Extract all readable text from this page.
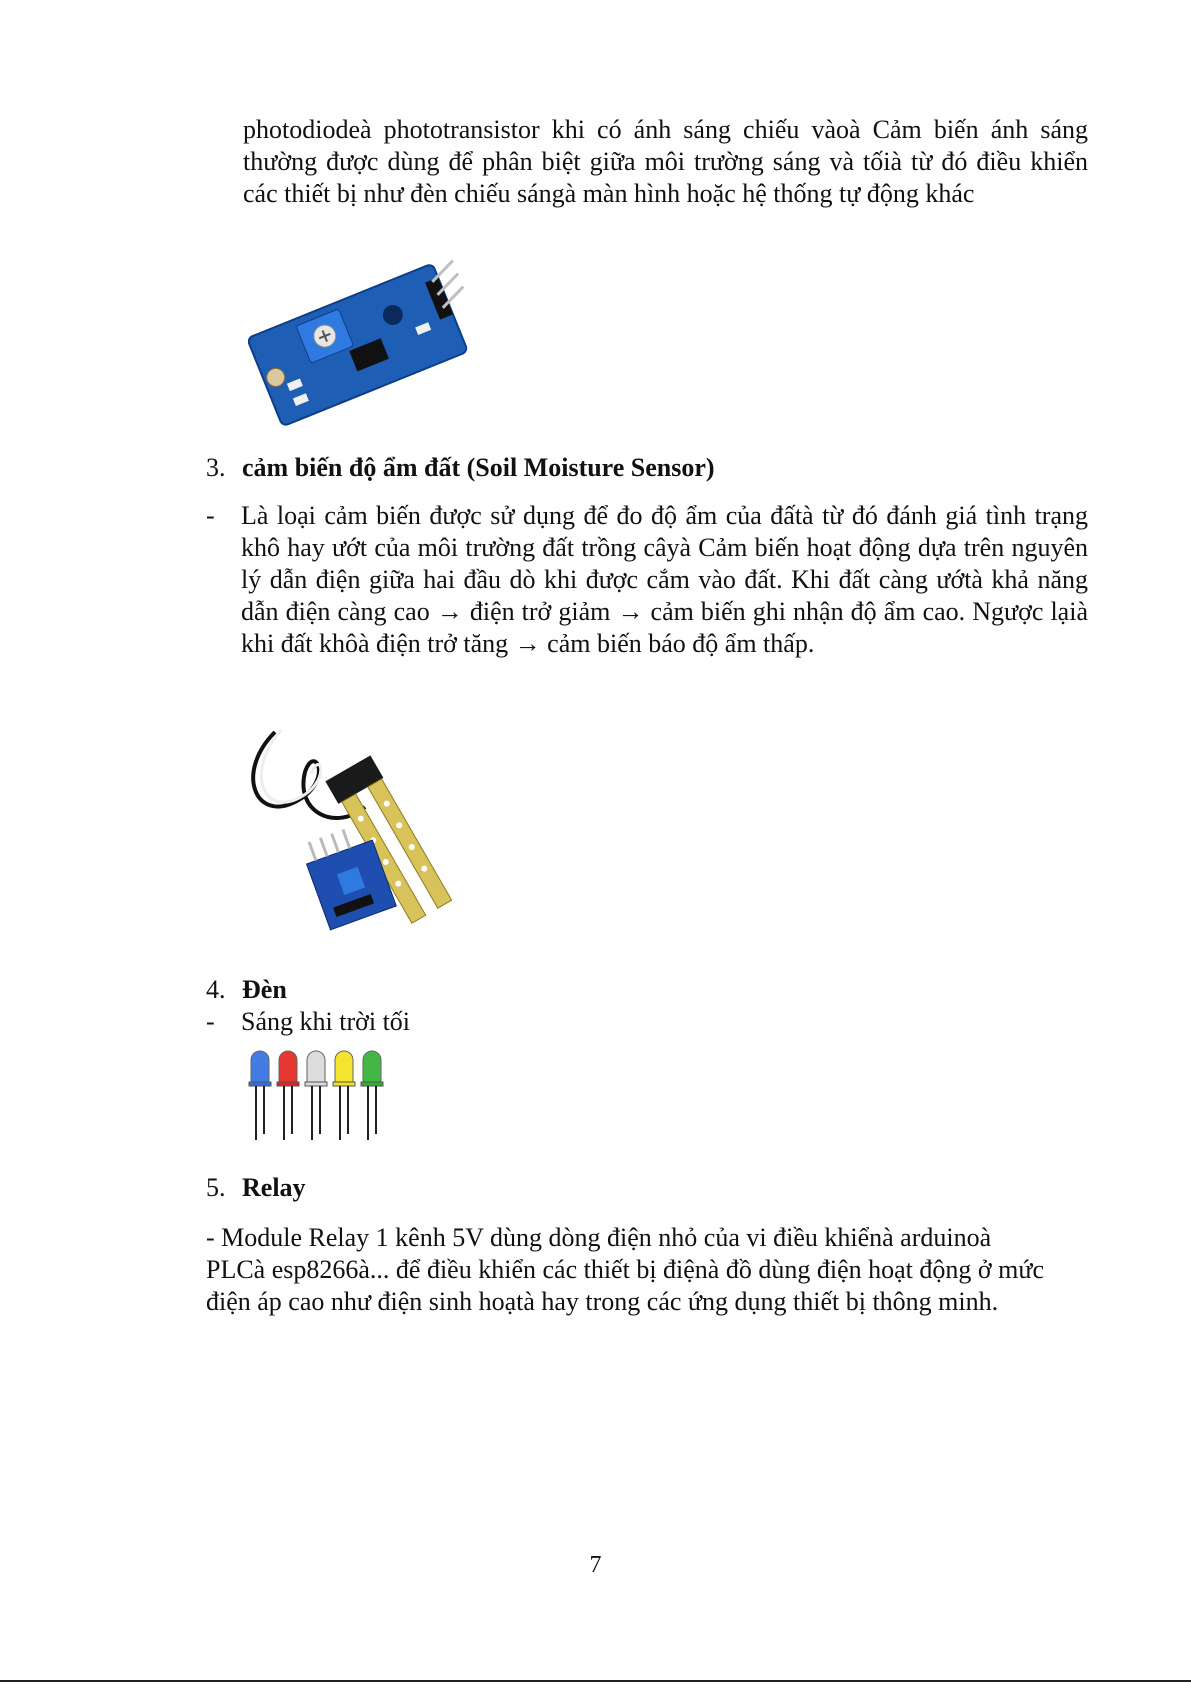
photodiodeà phototransistor khi có ánh sáng chiếu vàoà Cảm biến ánh sáng thường được dùng để phân biệt giữa môi trường sáng và tốià từ đó điều khiển các thiết bị như đèn chiếu sángà màn hình hoặc hệ thống tự động khác

3. cảm biến độ ẩm đất (Soil Moisture Sensor)
- Là loại cảm biến được sử dụng để đo độ ẩm của đấtà từ đó đánh giá tình trạng khô hay ướt của môi trường đất trồng câyà Cảm biến hoạt động dựa trên nguyên lý dẫn điện giữa hai đầu dò khi được cắm vào đất. Khi đất càng ướtà khả năng dẫn điện càng cao → điện trở giảm → cảm biến ghi nhận độ ẩm cao. Ngược lạià khi đất khôà điện trở tăng → cảm biến báo độ ẩm thấp.

4. Đèn
- Sáng khi trời tối

5. Relay

- Module Relay 1 kênh 5V dùng dòng điện nhỏ của vi điều khiểnà arduinoà PLCà esp8266à... để điều khiển các thiết bị điệnà đồ dùng điện hoạt động ở mức điện áp cao như điện sinh hoạtà hay trong các ứng dụng thiết bị thông minh.

7
